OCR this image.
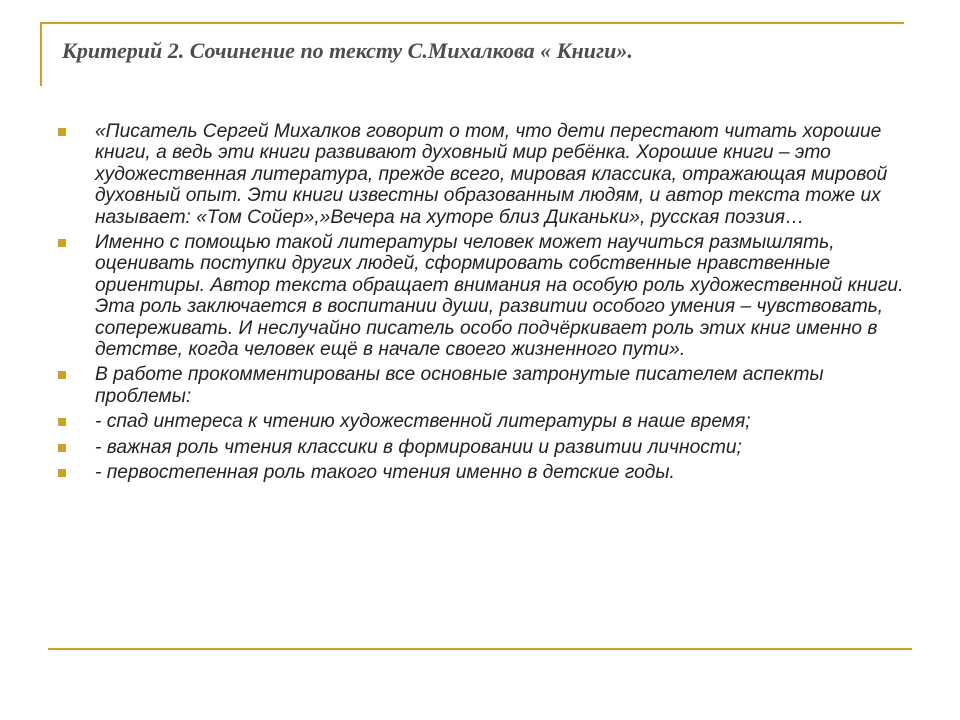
Критерий 2. Сочинение по тексту С.Михалкова « Книги».
«Писатель Сергей Михалков говорит о том, что дети перестают читать хорошие книги, а ведь эти книги развивают духовный мир ребёнка. Хорошие книги – это художественная литература, прежде всего, мировая классика, отражающая мировой духовный опыт. Эти книги известны образованным людям, и автор текста тоже их называет: «Том Сойер»,»Вечера на хуторе близ Диканьки», русская поэзия…
Именно с помощью такой литературы человек может научиться размышлять, оценивать поступки других людей, сформировать собственные нравственные ориентиры. Автор текста обращает внимания на особую роль художественной книги. Эта роль заключается в воспитании души, развитии особого умения – чувствовать, сопереживать. И неслучайно писатель особо подчёркивает роль этих книг именно в детстве, когда человек ещё в начале своего жизненного пути».
В работе прокомментированы все основные затронутые писателем аспекты проблемы:
- спад интереса к чтению художественной литературы в наше время;
- важная роль чтения классики в формировании и развитии личности;
- первостепенная роль такого чтения именно в детские годы.
